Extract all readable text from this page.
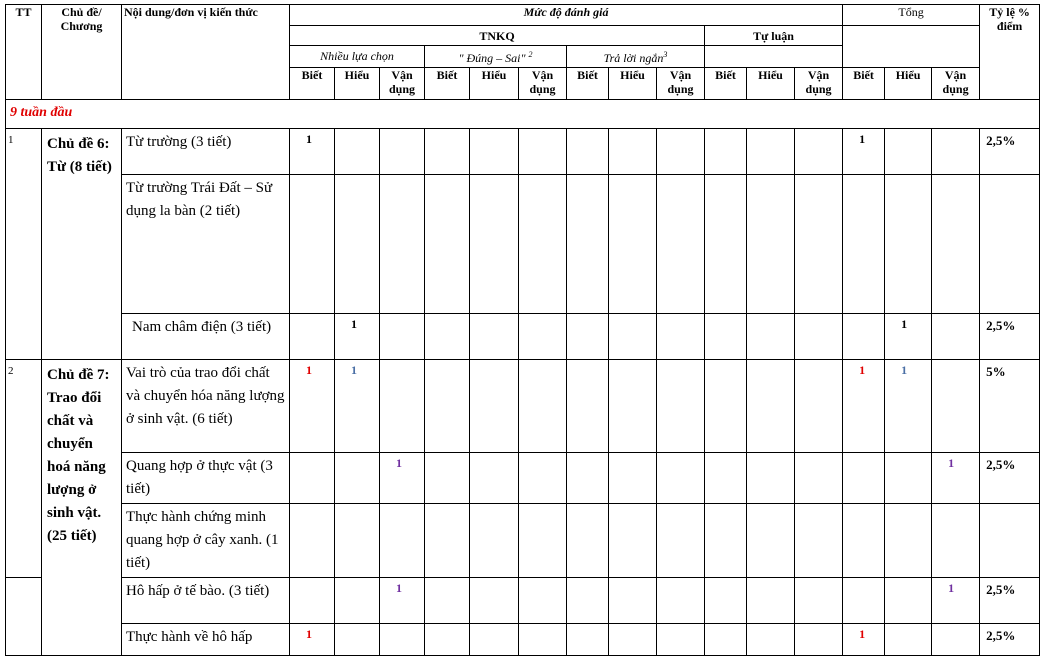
TT	Chủ đề/ Chương	Nội dung/đơn vị kiến thức	Mức độ đánh giá												Tổng			Tỷ lệ % điểm
			TNKQ									Tự luận						
			Nhiều lựa chọn			" Đúng – Sai" $^2$			Trả lời ngắn$^3$	
			Biết	Hiểu	Vận dụng	Biết	Hiểu	Vận dụng	Biết	Hiểu	Vận dụng	Biết	Hiểu	Vận dụng	Biết	Hiểu	Vận dụng	
9 tuần đầu																		
1	Chủ đề 6: Từ (8 tiết)	Từ trường (3 tiết)	1												1			2,5%
		Từ trường Trái Đất – Sử dụng la bàn (2 tiết)																
		Nam châm điện (3 tiết)		1												1		2,5%
2	Chủ đề 7: Trao đổi chất và chuyển hoá năng lượng ở sinh vật. (25 tiết)	Vai trò của trao đổi chất và chuyển hóa năng lượng ở sinh vật. (6 tiết)	1	1											1	1		5%
		Quang hợp ở thực vật (3 tiết)			1												1	2,5%
		Thực hành chứng minh quang hợp ở cây xanh. (1 tiết)																
		Hô hấp ở tế bào. (3 tiết)			1												1	2,5%
		Thực hành về hô hấp	1												1			2,5%
